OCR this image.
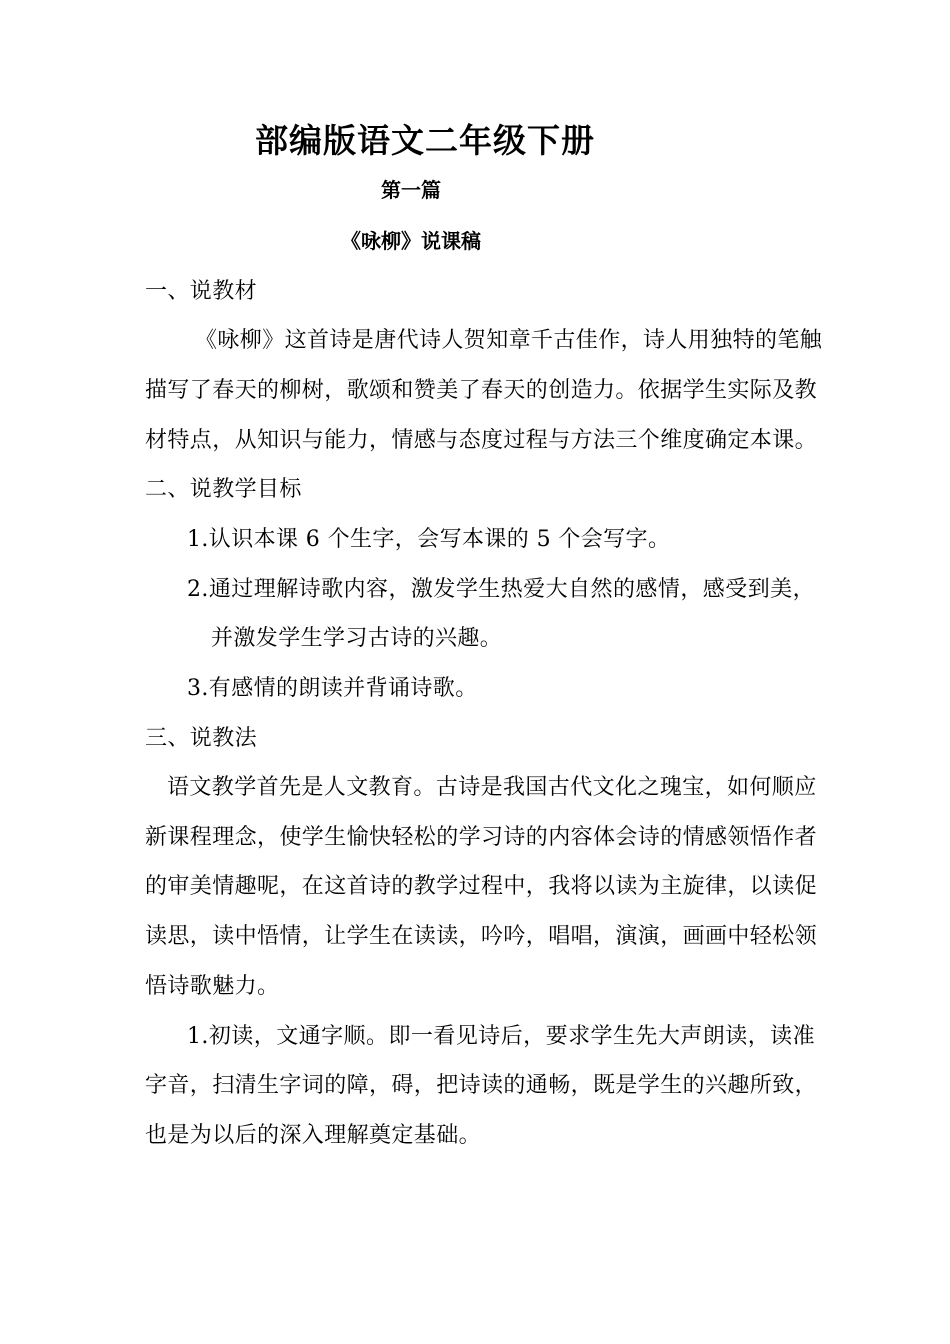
部编版语文二年级下册
第一篇
《咏柳》说课稿
一、说教材
《咏柳》这首诗是唐代诗人贺知章千古佳作，诗人用独特的笔触
描写了春天的柳树，歌颂和赞美了春天的创造力。依据学生实际及教
材特点，从知识与能力，情感与态度过程与方法三个维度确定本课。
二、说教学目标
1.认识本课 6 个生字，会写本课的 5 个会写字。
2.通过理解诗歌内容，激发学生热爱大自然的感情，感受到美，
并激发学生学习古诗的兴趣。
3.有感情的朗读并背诵诗歌。
三、说教法
语文教学首先是人文教育。古诗是我国古代文化之瑰宝，如何顺应
新课程理念，使学生愉快轻松的学习诗的内容体会诗的情感领悟作者
的审美情趣呢，在这首诗的教学过程中，我将以读为主旋律，以读促
读思，读中悟情，让学生在读读，吟吟，唱唱，演演，画画中轻松领
悟诗歌魅力。
1.初读，文通字顺。即一看见诗后，要求学生先大声朗读，读准
字音，扫清生字词的障，碍，把诗读的通畅，既是学生的兴趣所致，
也是为以后的深入理解奠定基础。
